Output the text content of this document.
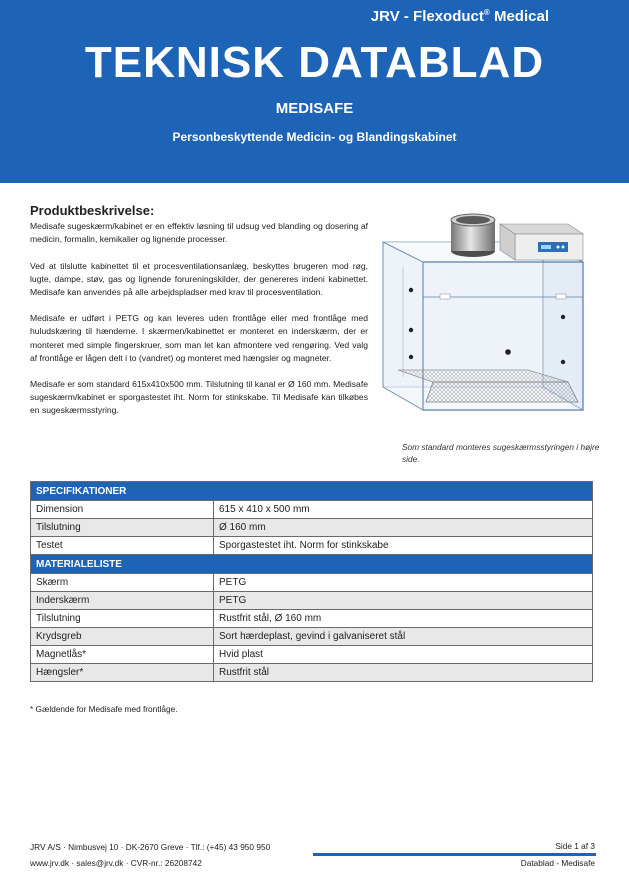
JRV - Flexoduct® Medical
TEKNISK DATABLAD
MEDISAFE
Personbeskyttende Medicin- og Blandingskabinet
Produktbeskrivelse:

Medisafe sugeskærm/kabinet er en effektiv løsning til udsug ved blanding og dosering af medicin, formalin, kemikalier og lignende processer.

Ved at tilslutte kabinettet til et procesventilationsanlæg, beskyttes brugeren mod røg, lugte, dampe, støv, gas og lignende forureningskilder, der genereres indeni kabinettet. Medisafe kan anvendes på alle arbejdspladser med krav til procesventilation.

Medisafe er udført i PETG og kan leveres uden frontlåge eller med frontlåge med huludskæring til hænderne. I skærmen/kabinettet er monteret en inderskærm, der er monteret med simple fingerskruer, som man let kan afmontere ved rengøring. Ved valg af frontlåge er lågen delt i to (vandret) og monteret med hængsler og magneter.

Medisafe er som standard 615x410x500 mm. Tilslutning til kanal er Ø 160 mm. Medisafe sugeskærm/kabinet er sporgastestet iht. Norm for stinkskabe. Til Medisafe kan tilkøbes en sugeskærmsstyring.

Som standard monteres sugeskærmsstyringen i højre side.
SPECIFIKATIONER	
Dimension	615 x 410 x 500 mm
Tilslutning	Ø 160 mm
Testet	Sporgastestet iht. Norm for stinkskabe
MATERIALELISTE	
Skærm	PETG
Inderskærm	PETG
Tilslutning	Rustfrit stål, Ø 160 mm
Krydsgreb	Sort hærdeplast, gevind i galvaniseret stål
Magnetlås*	Hvid plast
Hængsler*	Rustfrit stål
* Gældende for Medisafe med frontlåge.
JRV A/S · Nimbusvej 10 · DK-2670 Greve · Tlf.: (+45) 43 950 950
www.jrv.dk · sales@jrv.dk · CVR-nr.: 26208742
Side 1 af 3
Datablad - Medisafe
